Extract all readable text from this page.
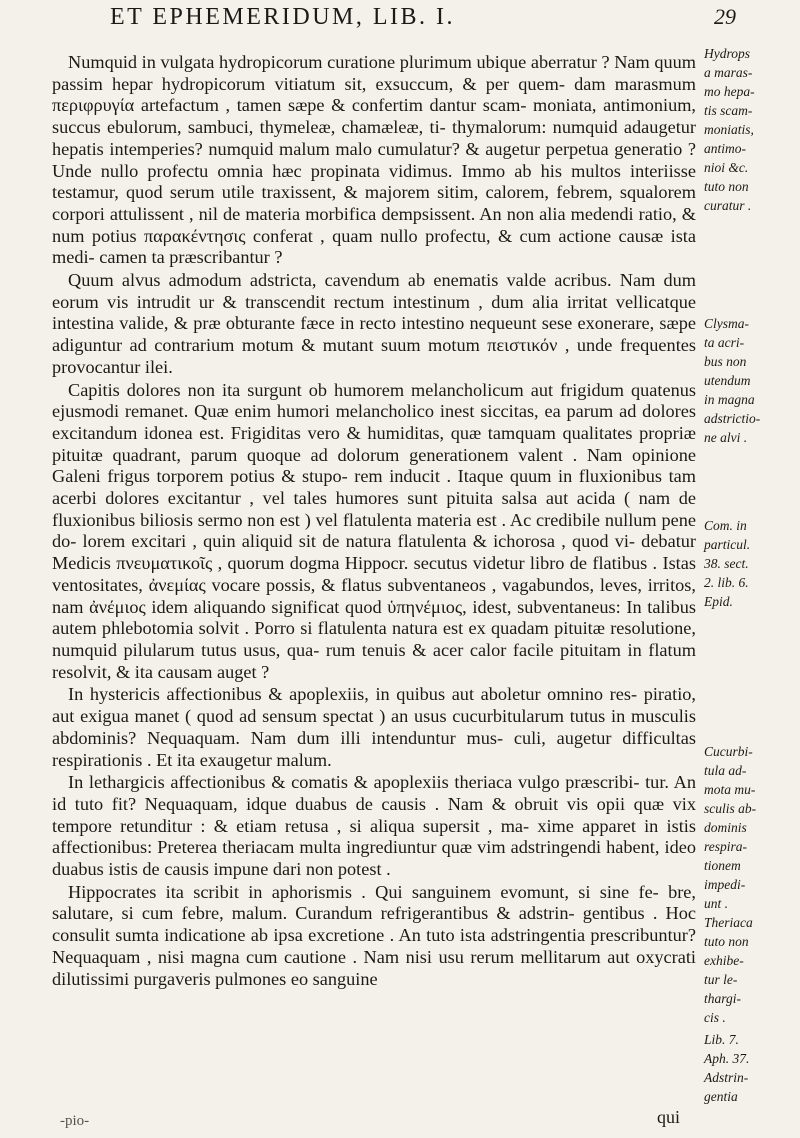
ET EPHEMERIDUM, LIB. I.	29

Numquid in vulgata hydropicorum curatione plurimum ubique aberratur ? Nam quum passim hepar hydropicorum vitiatum sit, exsuccum, & per quem- dam marasmum περιφρυγία artefactum , tamen sæpe & confertim dantur scam- moniata, antimonium, succus ebulorum, sambuci, thymeleæ, chamæleæ, ti- thymalorum: numquid adaugetur hepatis intemperies? numquid malum malo cumulatur? & augetur perpetua generatio ? Unde nullo profectu omnia hæc propinata vidimus. Immo ab his multos interiisse testamur, quod serum utile traxissent, & majorem sitim, calorem, febrem, squalorem corpori attulissent , nil de materia morbifica dempsissent. An non alia medendi ratio, & num potius παρακέντησις conferat , quam nullo profectu, & cum actione causæ ista medi- camen ta præscribantur ?

Quum alvus admodum adstricta, cavendum ab enematis valde acribus. Nam dum eorum vis intrudit ur & transcendit rectum intestinum , dum alia irritat vellicatque intestina valide, & præ obturante fæce in recto intestino nequeunt sese exonerare, sæpe adiguntur ad contrarium motum & mutant suum motum πειστικόν , unde frequentes provocantur ilei.

Capitis dolores non ita surgunt ob humorem melancholicum aut frigidum quatenus ejusmodi remanet. Quæ enim humori melancholico inest siccitas, ea parum ad dolores excitandum idonea est. Frigiditas vero & humiditas, quæ tamquam qualitates propriæ pituitæ quadrant, parum quoque ad dolorum generationem valent . Nam opinione Galeni frigus torporem potius & stupo- rem inducit . Itaque quum in fluxionibus tam acerbi dolores excitantur , vel tales humores sunt pituita salsa aut acida ( nam de fluxionibus biliosis sermo non est ) vel flatulenta materia est . Ac credibile nullum pene do- lorem excitari , quin aliquid sit de natura flatulenta & ichorosa , quod vi- debatur Medicis πνευματικοῖς , quorum dogma Hippocr. secutus videtur libro de flatibus . Istas ventositates, ἀνεμίας vocare possis, & flatus subventaneos , vagabundos, leves, irritos, nam ἀνέμιος idem aliquando significat quod ὑπηνέμιος, idest, subventaneus: In talibus autem phlebotomia solvit . Porro si flatulenta natura est ex quadam pituitæ resolutione, numquid pilularum tutus usus, qua- rum tenuis & acer calor facile pituitam in flatum resolvit, & ita causam auget ?

In hystericis affectionibus & apoplexiis, in quibus aut aboletur omnino res- piratio, aut exigua manet ( quod ad sensum spectat ) an usus cucurbitularum tutus in musculis abdominis? Nequaquam. Nam dum illi intenduntur mus- culi, augetur difficultas respirationis . Et ita exaugetur malum.

In lethargicis affectionibus & comatis & apoplexiis theriaca vulgo præscribi- tur. An id tuto fit? Nequaquam, idque duabus de causis . Nam & obruit vis opii quæ vix tempore retunditur : & etiam retusa , si aliqua supersit , ma- xime apparet in istis affectionibus: Preterea theriacam multa ingrediuntur quæ vim adstringendi habent, ideo duabus istis de causis impune dari non potest .

Hippocrates ita scribit in aphorismis . Qui sanguinem evomunt, si sine fe- bre, salutare, si cum febre, malum. Curandum refrigerantibus & adstrin- gentibus . Hoc consulit sumta indicatione ab ipsa excretione . An tuto ista adstringentia prescribuntur? Nequaquam , nisi magna cum cautione . Nam nisi usu rerum mellitarum aut oxycrati dilutissimi purgaveris pulmones eo sanguine

Hydrops
a maras-
mo hepa-
tis scam-
moniatis,
antimo-
nioi &c.
tuto non
curatur .
Clysma-
ta acri-
bus non
utendum
in magna
adstrictio-
ne alvi .
Com. in
particul.
38. sect.
2. lib. 6.
Epid.
Cucurbi-
tula ad-
mota mu-
sculis ab-
dominis
respira-
tionem
impedi-
unt .
Theriaca
tuto non
exhibe-
tur le-
thargi-
cis .
Lib. 7.
Aph. 37.
Adstrin-
gentia
-pio-	qui
